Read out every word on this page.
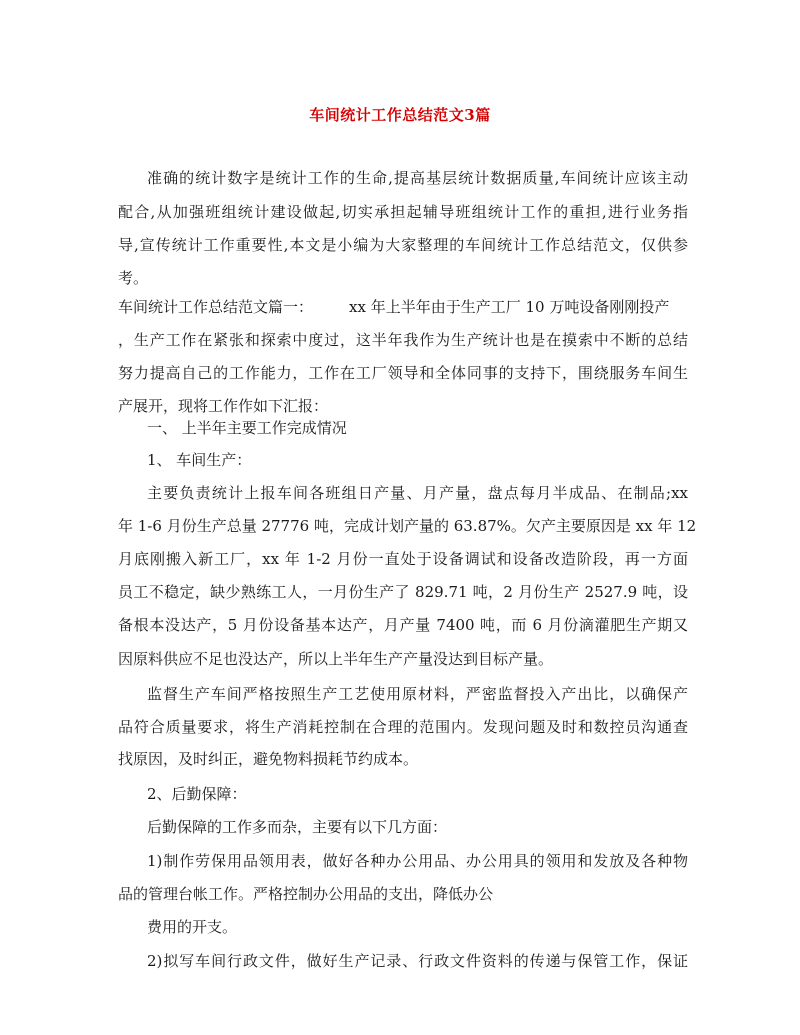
车间统计工作总结范文3篇
准确的统计数字是统计工作的生命,提高基层统计数据质量,车间统计应该主动
配合,从加强班组统计建设做起,切实承担起辅导班组统计工作的重担,进行业务指
导,宣传统计工作重要性,本文是小编为大家整理的车间统计工作总结范文，仅供参
考。
车间统计工作总结范文篇一： xx 年上半年由于生产工厂 10 万吨设备刚刚投产
，生产工作在紧张和探索中度过，这半年我作为生产统计也是在摸索中不断的总结
努力提高自己的工作能力，工作在工厂领导和全体同事的支持下，围绕服务车间生
产展开，现将工作作如下汇报：
一、 上半年主要工作完成情况
1、 车间生产：
主要负责统计上报车间各班组日产量、月产量，盘点每月半成品、在制品;xx
年 1-6 月份生产总量 27776 吨，完成计划产量的 63.87%。欠产主要原因是 xx 年 12
月底刚搬入新工厂，xx 年 1-2 月份一直处于设备调试和设备改造阶段，再一方面
员工不稳定，缺少熟练工人，一月份生产了 829.71 吨，2 月份生产 2527.9 吨，设
备根本没达产，5 月份设备基本达产，月产量 7400 吨，而 6 月份滴灌肥生产期又
因原料供应不足也没达产，所以上半年生产产量没达到目标产量。
监督生产车间严格按照生产工艺使用原材料，严密监督投入产出比，以确保产
品符合质量要求，将生产消耗控制在合理的范围内。发现问题及时和数控员沟通查
找原因，及时纠正，避免物料损耗节约成本。
2、后勤保障：
后勤保障的工作多而杂，主要有以下几方面：
1)制作劳保用品领用表，做好各种办公用品、办公用具的领用和发放及各种物
品的管理台帐工作。严格控制办公用品的支出，降低办公
费用的开支。
2)拟写车间行政文件，做好生产记录、行政文件资料的传递与保管工作，保证
